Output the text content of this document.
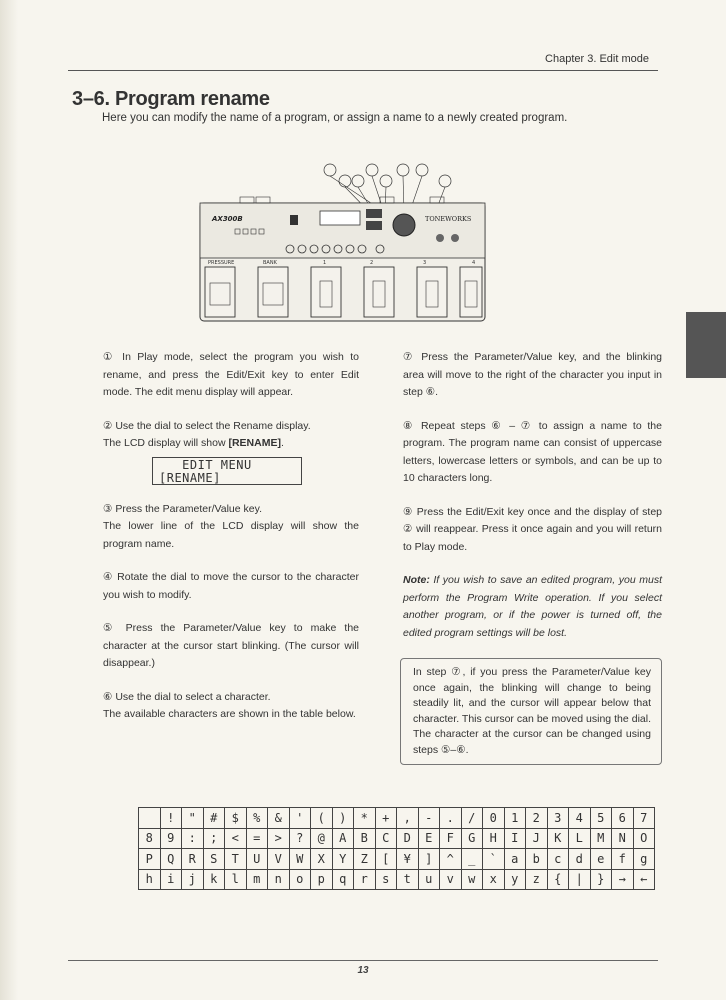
Chapter 3. Edit mode
3–6. Program rename
Here you can modify the name of a program, or assign a name to a newly created program.
AX300B	TONEWORKS
PRESSURE	BANK	1	2	3	4

① In Play mode, select the program you wish to rename, and press the Edit/Exit key to enter Edit mode. The edit menu display will appear.

② Use the dial to select the Rename display.

The LCD display will show [RENAME].

EDIT MENU
[RENAME]

③ Press the Parameter/Value key.

The lower line of the LCD display will show the program name.

④ Rotate the dial to move the cursor to the character you wish to modify.

⑤ Press the Parameter/Value key to make the character at the cursor start blinking. (The cursor will disappear.)

⑥ Use the dial to select a character.

The available characters are shown in the table below.

⑦ Press the Parameter/Value key, and the blinking area will move to the right of the character you input in step ⑥.

⑧ Repeat steps ⑥ – ⑦ to assign a name to the program. The program name can consist of uppercase letters, lowercase letters or symbols, and can be up to 10 characters long.

⑨ Press the Edit/Exit key once and the display of step ② will reappear. Press it once again and you will return to Play mode.

Note: If you wish to save an edited program, you must perform the Program Write operation. If you select another program, or if the power is turned off, the edited program settings will be lost.

In step ⑦, if you press the Parameter/Value key once again, the blinking will change to being steadily lit, and the cursor will appear below that character. This cursor can be moved using the dial. The character at the cursor can be changed using steps ⑤–⑥.
	!	"	#	$	%	&	'	(	)	*	+	,	-	.	/	0	1	2	3	4	5	6	7
8	9	:	;	<	=	>	?	@	A	B	C	D	E	F	G	H	I	J	K	L	M	N	O
P	Q	R	S	T	U	V	W	X	Y	Z	[	¥	]	^	_	`	a	b	c	d	e	f	g
h	i	j	k	l	m	n	o	p	q	r	s	t	u	v	w	x	y	z	{	|	}	→	←
13
